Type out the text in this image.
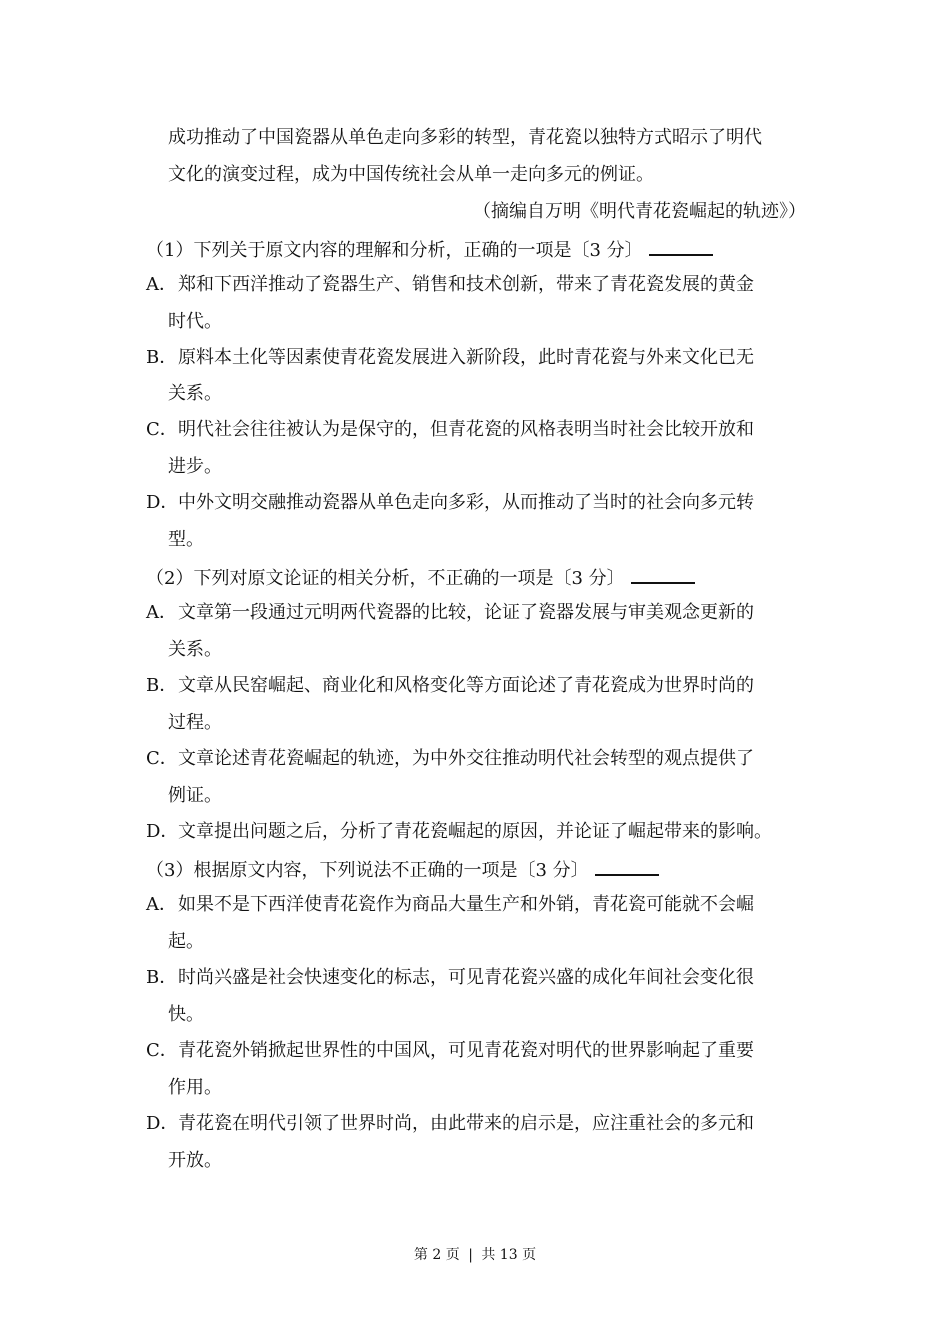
成功推动了中国瓷器从单色走向多彩的转型，青花瓷以独特方式昭示了明代
文化的演变过程，成为中国传统社会从单一走向多元的例证。
（摘编自万明《明代青花瓷崛起的轨迹》）
（1）下列关于原文内容的理解和分析，正确的一项是〔3 分〕
A．郑和下西洋推动了瓷器生产、销售和技术创新，带来了青花瓷发展的黄金
时代。
B．原料本土化等因素使青花瓷发展进入新阶段，此时青花瓷与外来文化已无
关系。
C．明代社会往往被认为是保守的，但青花瓷的风格表明当时社会比较开放和
进步。
D．中外文明交融推动瓷器从单色走向多彩，从而推动了当时的社会向多元转
型。
（2）下列对原文论证的相关分析，不正确的一项是〔3 分〕
A．文章第一段通过元明两代瓷器的比较，论证了瓷器发展与审美观念更新的
关系。
B．文章从民窑崛起、商业化和风格变化等方面论述了青花瓷成为世界时尚的
过程。
C．文章论述青花瓷崛起的轨迹，为中外交往推动明代社会转型的观点提供了
例证。
D．文章提出问题之后，分析了青花瓷崛起的原因，并论证了崛起带来的影响。
（3）根据原文内容，下列说法不正确的一项是〔3 分〕
A．如果不是下西洋使青花瓷作为商品大量生产和外销，青花瓷可能就不会崛
起。
B．时尚兴盛是社会快速变化的标志，可见青花瓷兴盛的成化年间社会变化很
快。
C．青花瓷外销掀起世界性的中国风，可见青花瓷对明代的世界影响起了重要
作用。
D．青花瓷在明代引领了世界时尚，由此带来的启示是，应注重社会的多元和
开放。
第 2 页 | 共 13 页
